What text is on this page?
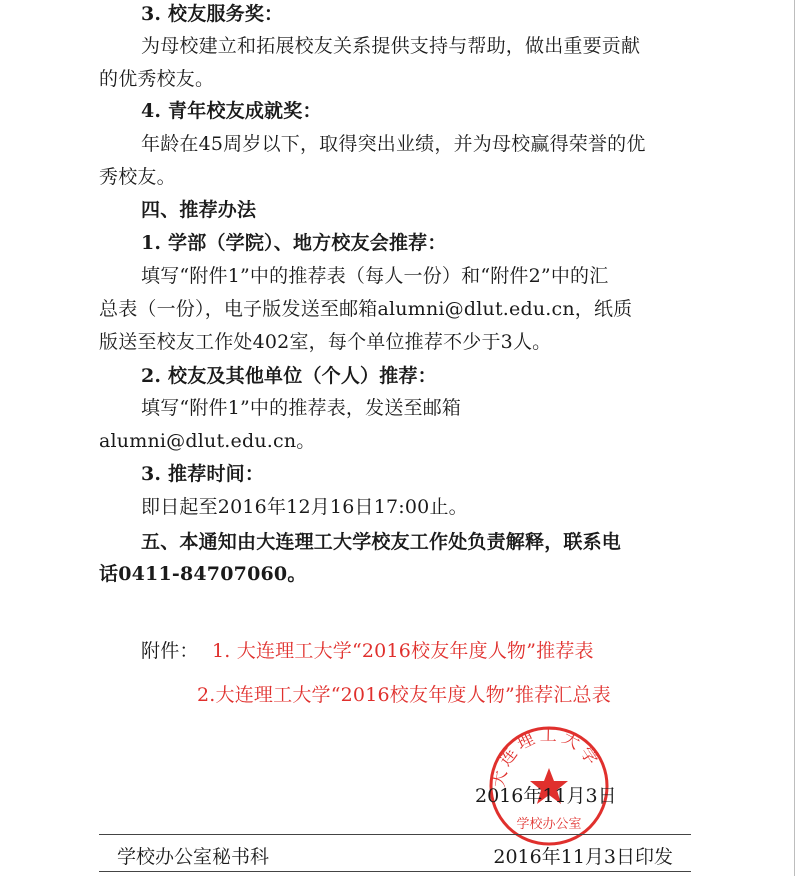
3. 校友服务奖：
为母校建立和拓展校友关系提供支持与帮助，做出重要贡献
的优秀校友。
4. 青年校友成就奖：
年龄在45周岁以下，取得突出业绩，并为母校赢得荣誉的优
秀校友。
四、推荐办法
1. 学部（学院）、地方校友会推荐：
填写“附件1”中的推荐表（每人一份）和“附件2”中的汇
总表（一份），电子版发送至邮箱alumni@dlut.edu.cn，纸质
版送至校友工作处402室，每个单位推荐不少于3人。
2. 校友及其他单位（个人）推荐：
填写“附件1”中的推荐表，发送至邮箱
alumni@dlut.edu.cn。
3. 推荐时间：
即日起至2016年12月16日17:00止。
五、本通知由大连理工大学校友工作处负责解释，联系电
话0411-84707060。
附件： 1. 大连理工大学“2016校友年度人物”推荐表
2.大连理工大学“2016校友年度人物”推荐汇总表
大连理工大学
学校办公室
2016年11月3日
学校办公室秘书科	2016年11月3日印发
